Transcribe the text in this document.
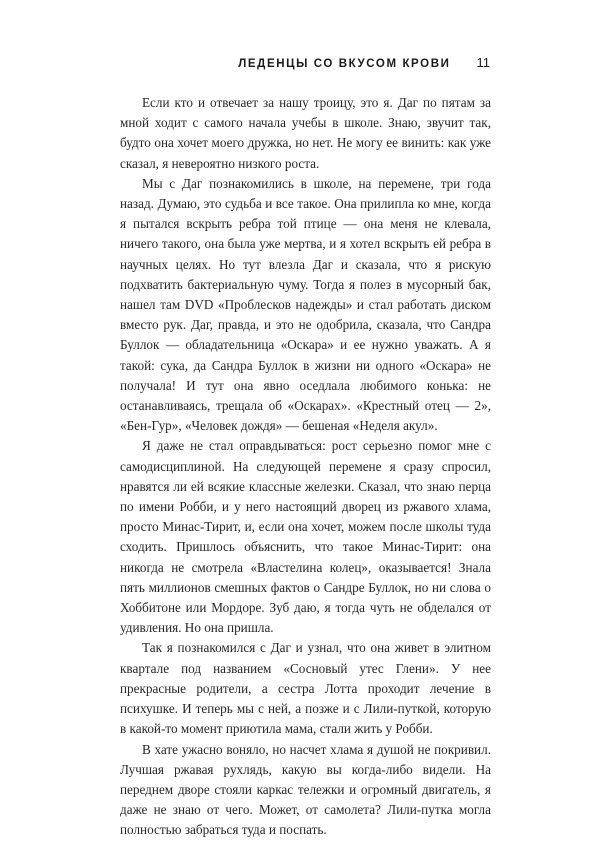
ЛЕДЕНЦЫ СО ВКУСОМ КРОВИ 11

Если кто и отвечает за нашу троицу, это я. Даг по пятам за мной ходит с самого начала учебы в школе. Знаю, звучит так, будто она хочет моего дружка, но нет. Не могу ее винить: как уже сказал, я невероятно низкого роста.

Мы с Даг познакомились в школе, на перемене, три года назад. Думаю, это судьба и все такое. Она прилипла ко мне, когда я пытался вскрыть ребра той птице — она меня не клевала, ничего такого, она была уже мертва, и я хотел вскрыть ей ребра в научных целях. Но тут влезла Даг и сказала, что я рискую подхватить бактериальную чуму. Тогда я полез в мусорный бак, нашел там DVD «Проблесков надежды» и стал работать диском вместо рук. Даг, правда, и это не одобрила, сказала, что Сандра Буллок — обладательница «Оскара» и ее нужно уважать. А я такой: сука, да Сандра Буллок в жизни ни одного «Оскара» не получала! И тут она явно оседлала любимого конька: не останавливаясь, трещала об «Оскарах». «Крестный отец — 2», «Бен-Гур», «Человек дождя» — бешеная «Неделя акул».

Я даже не стал оправдываться: рост серьезно помог мне с самодисциплиной. На следующей перемене я сразу спросил, нравятся ли ей всякие классные железки. Сказал, что знаю перца по имени Робби, и у него настоящий дворец из ржавого хлама, просто Минас-Тирит, и, если она хочет, можем после школы туда сходить. Пришлось объяснить, что такое Минас-Тирит: она никогда не смотрела «Властелина колец», оказывается! Знала пять миллионов смешных фактов о Сандре Буллок, но ни слова о Хоббитоне или Мордоре. Зуб даю, я тогда чуть не обделался от удивления. Но она пришла.

Так я познакомился с Даг и узнал, что она живет в элитном квартале под названием «Сосновый утес Глени». У нее прекрасные родители, а сестра Лотта проходит лечение в психушке. И теперь мы с ней, а позже и с Лили-путкой, которую в какой-то момент приютила мама, стали жить у Робби.

В хате ужасно воняло, но насчет хлама я душой не покривил. Лучшая ржавая рухлядь, какую вы когда-либо видели. На переднем дворе стояли каркас тележки и огромный двигатель, я даже не знаю от чего. Может, от самолета? Лили-путка могла полностью забраться туда и поспать.
